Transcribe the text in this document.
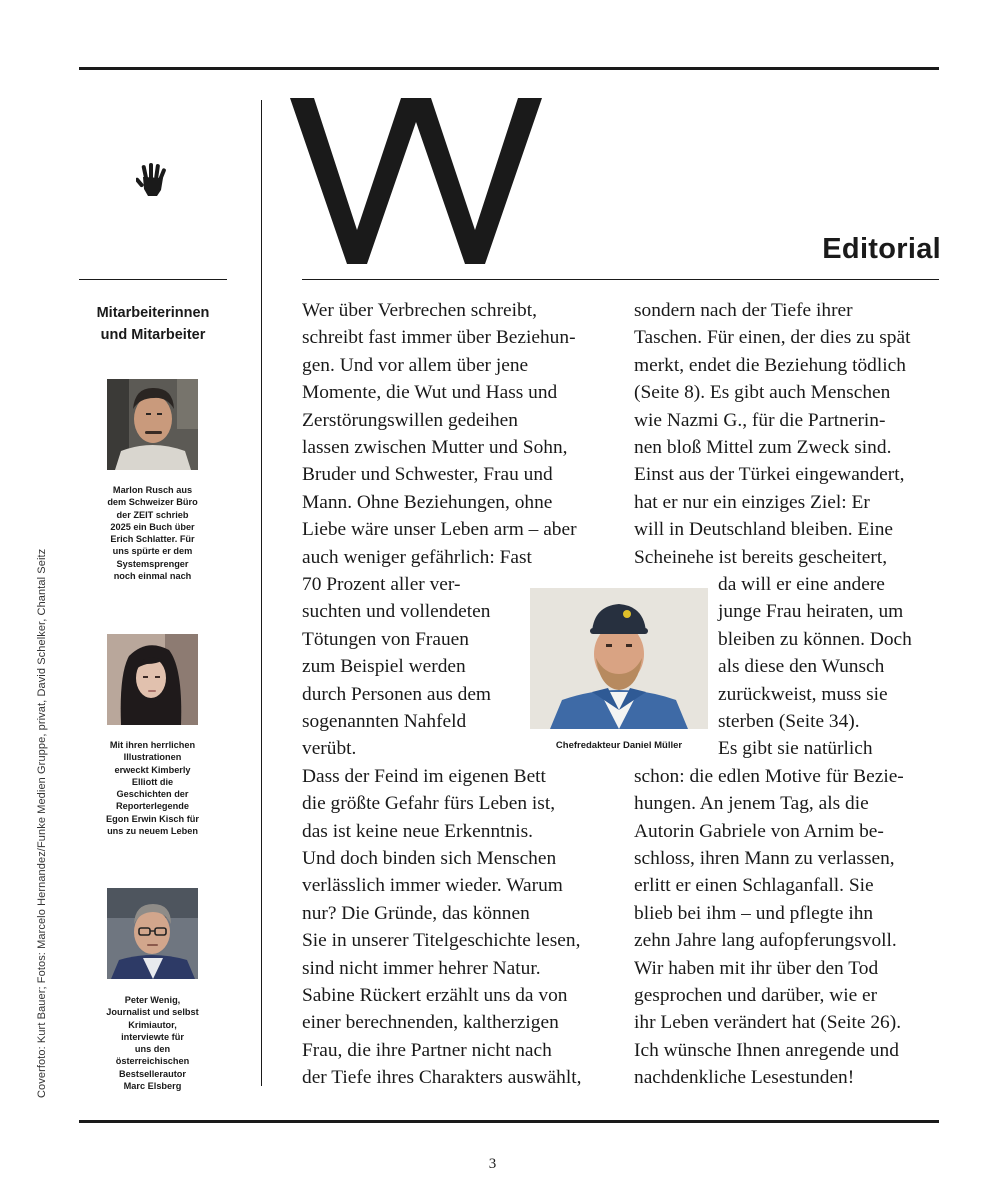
Coverfoto: Kurt Bauer; Fotos: Marcelo Hernandez/Funke Medien Gruppe, privat, David Schelker, Chantal Seitz
Editorial
Mitarbeiterinnen
und Mitarbeiter
Marlon Rusch aus
dem Schweizer Büro
der ZEIT schrieb
2025 ein Buch über
Erich Schlatter. Für
uns spürte er dem
Systemsprenger
noch einmal nach
Mit ihren herrlichen
Illustrationen
erweckt Kimberly
Elliott die
Geschichten der
Reporterlegende
Egon Erwin Kisch für
uns zu neuem Leben
Peter Wenig,
Journalist und selbst
Krimiautor,
interviewte für
uns den
österreichischen
Bestsellerautor
Marc Elsberg
Wer über Verbrechen schreibt,
schreibt fast immer über Beziehun-
gen. Und vor allem über jene
Momente, die Wut und Hass und
Zerstörungswillen gedeihen
lassen zwischen Mutter und Sohn,
Bruder und Schwester, Frau und
Mann. Ohne Beziehungen, ohne
Liebe wäre unser Leben arm – aber
auch weniger gefährlich: Fast
70 Prozent aller ver-
suchten und vollendeten
Tötungen von Frauen
zum Beispiel werden
durch Personen aus dem
sogenannten Nahfeld
verübt.
Dass der Feind im eigenen Bett
die größte Gefahr fürs Leben ist,
das ist keine neue Erkenntnis.
Und doch binden sich Menschen
verlässlich immer wieder. Warum
nur? Die Gründe, das können
Sie in unserer Titelgeschichte lesen,
sind nicht immer hehrer Natur.
Sabine Rückert erzählt uns da von
einer berechnenden, kaltherzigen
Frau, die ihre Partner nicht nach
der Tiefe ihres Charakters auswählt,
sondern nach der Tiefe ihrer
Taschen. Für einen, der dies zu spät
merkt, endet die Beziehung tödlich
(Seite 8). Es gibt auch Menschen
wie Nazmi G., für die Partnerin-
nen bloß Mittel zum Zweck sind.
Einst aus der Türkei eingewandert,
hat er nur ein einziges Ziel: Er
will in Deutschland bleiben. Eine
Scheinehe ist bereits gescheitert,
da will er eine andere
junge Frau heiraten, um
bleiben zu können. Doch
als diese den Wunsch
zurückweist, muss sie
sterben (Seite 34).
Es gibt sie natürlich
schon: die edlen Motive für Bezie-
hungen. An jenem Tag, als die
Autorin Gabriele von Arnim be-
schloss, ihren Mann zu verlassen,
erlitt er einen Schlaganfall. Sie
blieb bei ihm – und pflegte ihn
zehn Jahre lang aufopferungsvoll.
Wir haben mit ihr über den Tod
gesprochen und darüber, wie er
ihr Leben verändert hat (Seite 26).
Ich wünsche Ihnen anregende und
nachdenkliche Lesestunden!
Chefredakteur Daniel Müller
3
